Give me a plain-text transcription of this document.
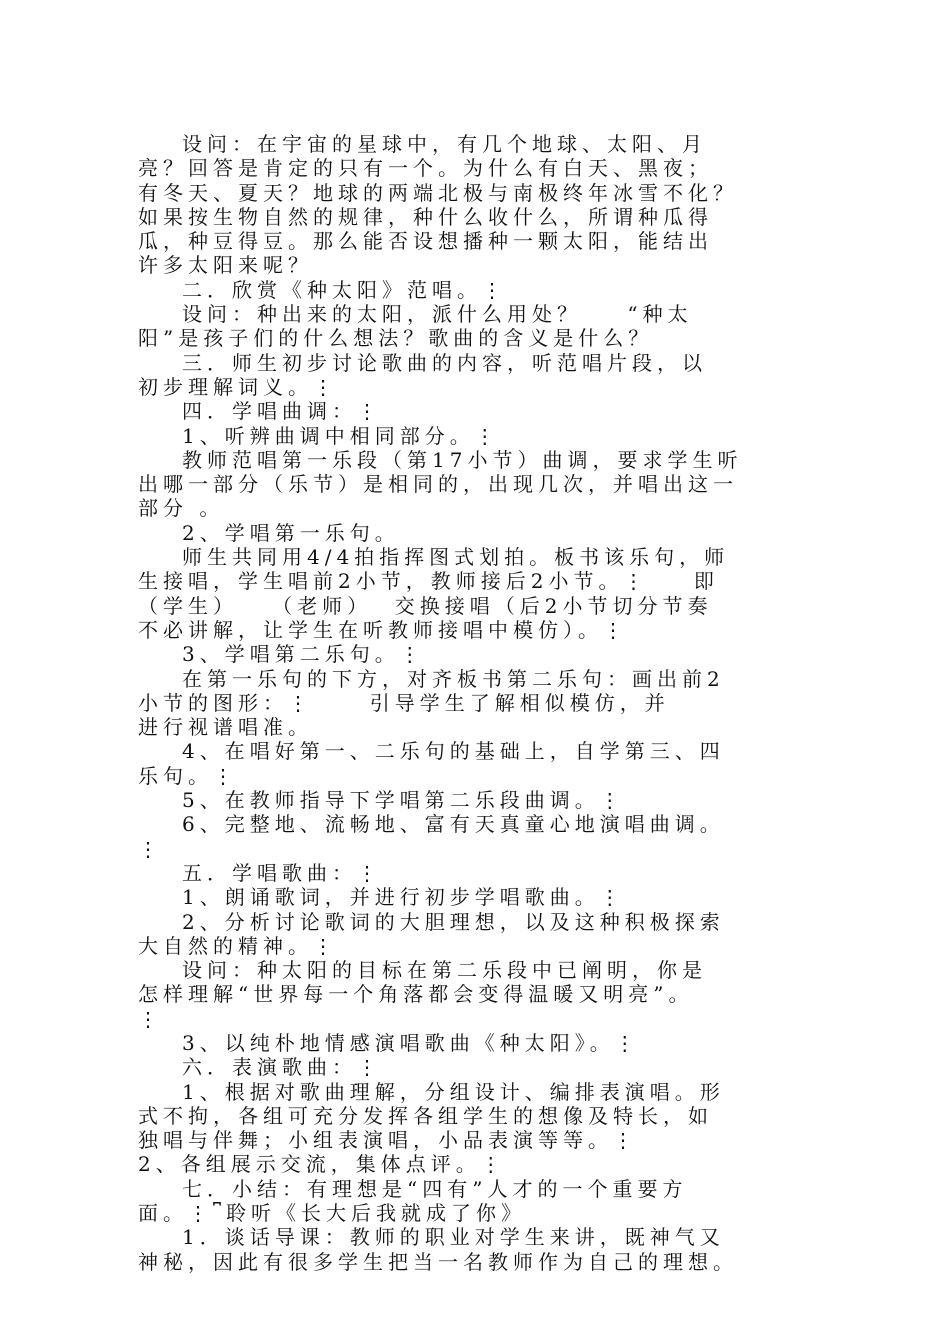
设问：在宇宙的星球中，有几个地球、太阳、月
亮？回答是肯定的只有一个。为什么有白天、黑夜；
有冬天、夏天？地球的两端北极与南极终年冰雪不化？
如果按生物自然的规律，种什么收什么，所谓种瓜得
瓜，种豆得豆。那么能否设想播种一颗太阳，能结出
许多太阳来呢？
二．欣赏《种太阳》范唱。⋮
设问：种出来的太阳，派什么用处？    “种太
阳”是孩子们的什么想法？歌曲的含义是什么？
三．师生初步讨论歌曲的内容，听范唱片段，以
初步理解词义。⋮
四．学唱曲调：⋮
1、听辨曲调中相同部分。⋮
教师范唱第一乐段（第17小节）曲调，要求学生听
出哪一部分（乐节）是相同的，出现几次，并唱出这一
部分 。
2、学唱第一乐句。
师生共同用4/4拍指挥图式划拍。板书该乐句，师
生接唱，学生唱前2小节，教师接后2小节。⋮    即
（学生）   （老师）  交换接唱（后2小节切分节奏
不必讲解，让学生在听教师接唱中模仿）。⋮
3、学唱第二乐句。⋮
在第一乐句的下方，对齐板书第二乐句：画出前2
小节的图形：⋮     引导学生了解相似模仿，并
进行视谱唱准。
4、在唱好第一、二乐句的基础上，自学第三、四
乐句。⋮
5、在教师指导下学唱第二乐段曲调。⋮
6、完整地、流畅地、富有天真童心地演唱曲调。
⋮
五．学唱歌曲：⋮
1、朗诵歌词，并进行初步学唱歌曲。⋮
2、分析讨论歌词的大胆理想，以及这种积极探索
大自然的精神。⋮
设问：种太阳的目标在第二乐段中已阐明，你是
怎样理解“世界每一个角落都会变得温暖又明亮”。
⋮
3、以纯朴地情感演唱歌曲《种太阳》。⋮
六．表演歌曲：⋮
1、根据对歌曲理解，分组设计、编排表演唱。形
式不拘，各组可充分发挥各组学生的想像及特长，如
独唱与伴舞；小组表演唱，小品表演等等。⋮
2、各组展示交流，集体点评。⋮
七．小结：有理想是“四有”人才的一个重要方
面。⋮⎴聆听《长大后我就成了你》
1．谈话导课：教师的职业对学生来讲，既神气又
神秘，因此有很多学生把当一名教师作为自己的理想。
